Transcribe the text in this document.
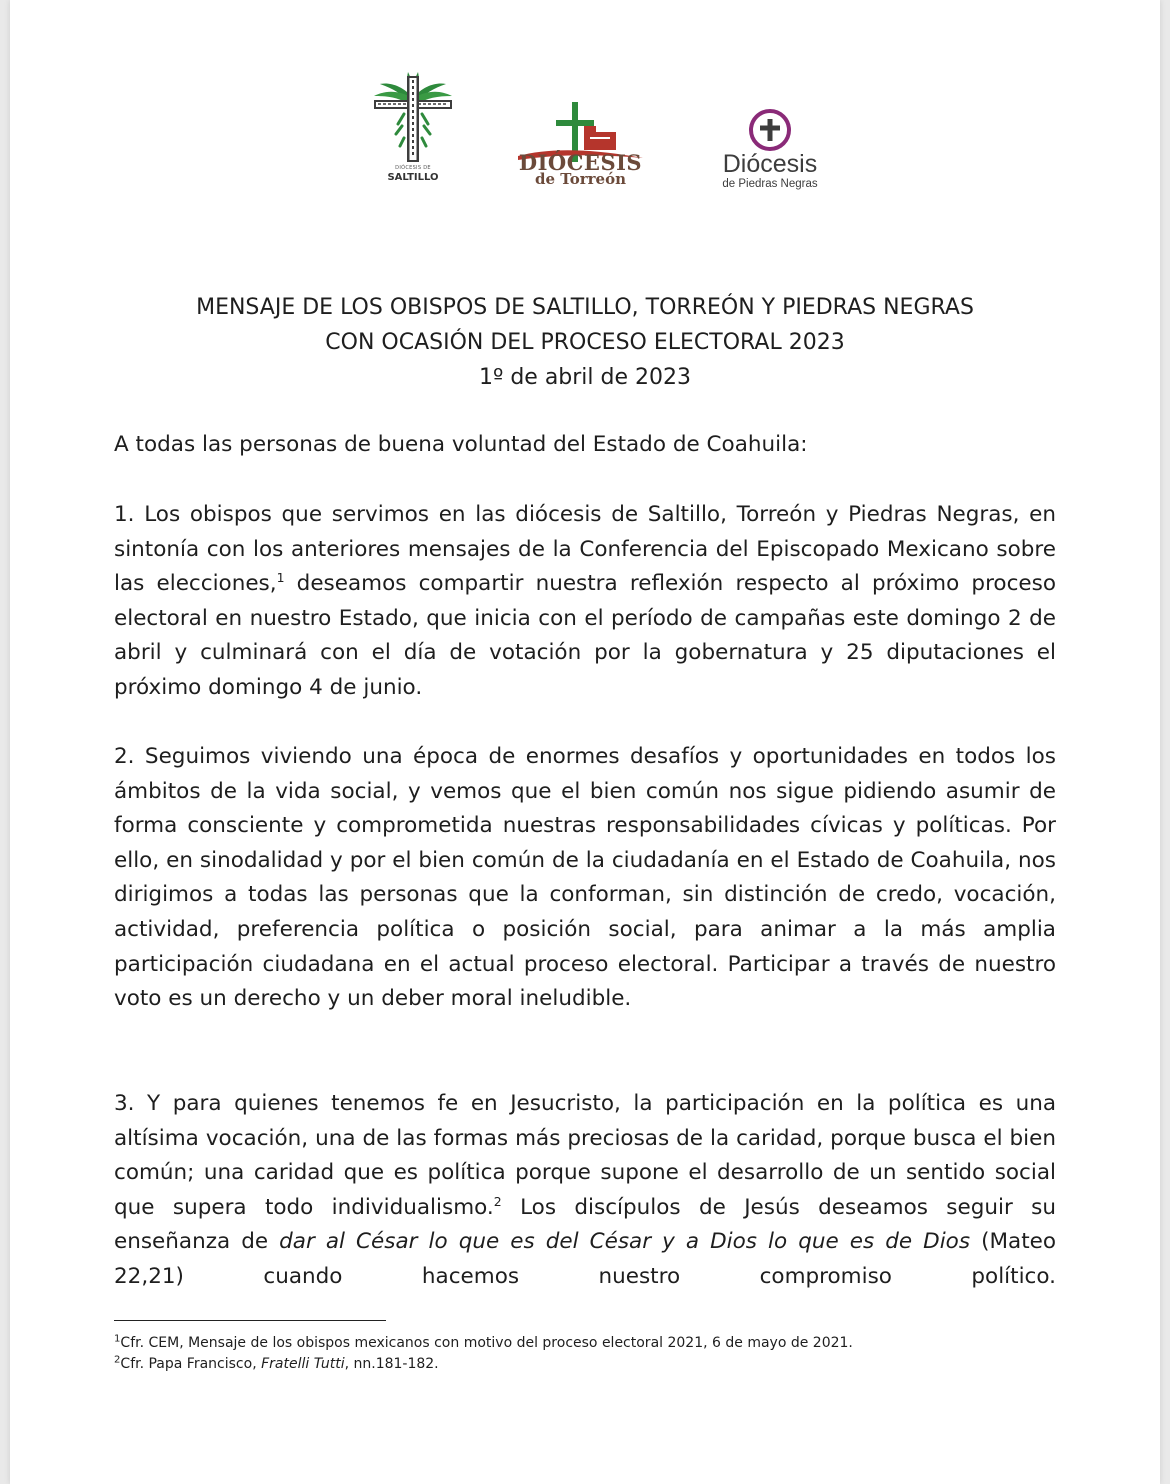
DIÓCESIS DE
SALTILLO
DIÓCESIS
de Torreón
Diócesis
de Piedras Negras
MENSAJE DE LOS OBISPOS DE SALTILLO, TORREÓN Y PIEDRAS NEGRAS
CON OCASIÓN DEL PROCESO ELECTORAL 2023
1º de abril de 2023
A todas las personas de buena voluntad del Estado de Coahuila:

1. Los obispos que servimos en las diócesis de Saltillo, Torreón y Piedras Negras, en sintonía con los anteriores mensajes de la Conferencia del Episcopado Mexicano sobre las elecciones,$^1$ deseamos compartir nuestra reflexión respecto al próximo proceso electoral en nuestro Estado, que inicia con el período de campañas este domingo 2 de abril y culminará con el día de votación por la gobernatura y 25 diputaciones el próximo domingo 4 de junio.

2. Seguimos viviendo una época de enormes desafíos y oportunidades en todos los ámbitos de la vida social, y vemos que el bien común nos sigue pidiendo asumir de forma consciente y comprometida nuestras responsabilidades cívicas y políticas. Por ello, en sinodalidad y por el bien común de la ciudadanía en el Estado de Coahuila, nos dirigimos a todas las personas que la conforman, sin distinción de credo, vocación, actividad, preferencia política o posición social, para animar a la más amplia participación ciudadana en el actual proceso electoral. Participar a través de nuestro voto es un derecho y un deber moral ineludible.

3. Y para quienes tenemos fe en Jesucristo, la participación en la política es una altísima vocación, una de las formas más preciosas de la caridad, porque busca el bien común; una caridad que es política porque supone el desarrollo de un sentido social que supera todo individualismo.$^2$ Los discípulos de Jesús deseamos seguir su enseñanza de dar al César lo que es del César y a Dios lo que es de Dios (Mateo 22,21) cuando hacemos nuestro compromiso político.

$^1$Cfr. CEM, Mensaje de los obispos mexicanos con motivo del proceso electoral 2021, 6 de mayo de 2021.

$^2$Cfr. Papa Francisco, Fratelli Tutti, nn.181-182.
